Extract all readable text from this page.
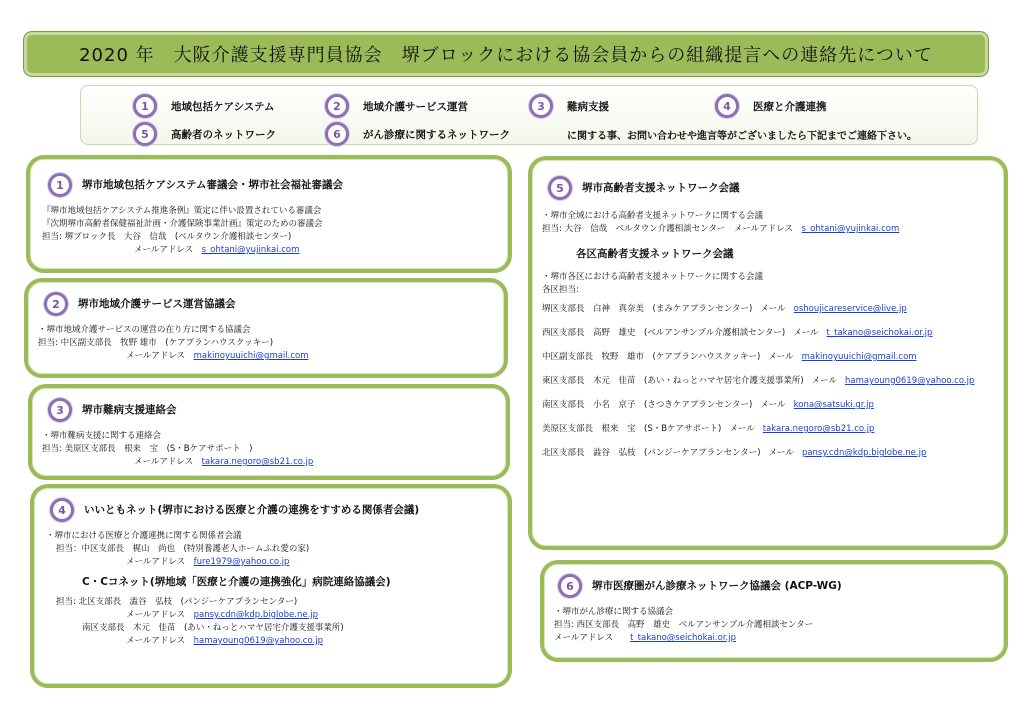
2020 年　大阪介護支援専門員協会　堺ブロックにおける協会員からの組織提言への連絡先について
1	地域包括ケアシステム	2	地域介護サービス運営	3	難病支援	4	医療と介護連携
5	高齢者のネットワーク	6	がん診療に関するネットワーク	に関する事、お問い合わせや進言等がございましたら下記までご連絡下さい。
1	堺市地域包括ケアシステム審議会・堺市社会福祉審議会
『堺市地域包括ケアシステム推進条例』策定に伴い設置されている審議会
『次期堺市高齢者保健福祉計画・介護保険事業計画』策定のための審議会
担当: 堺ブロック長　大谷　信哉　(ベルタウン介護相談センター)
メールアドレス　 s_ohtani@yujinkai.com
2	堺市地域介護サービス運営協議会
・堺市地域介護サービスの運営の在り方に関する協議会
担当: 中区副支部長　牧野 雄市　(ケアプランハウスクッキー)
メールアドレス　 makinoyuuichi@gmail.com
3	堺市難病支援連絡会
・堺市難病支援に関する連絡会
担当: 美原区支部長　根来　宝　(S・Bケアサポート　)
メールアドレス　 takara.negoro@sb21.co.jp
4	いいともネット(堺市における医療と介護の連携をすすめる関係者会議)
・堺市における医療と介護連携に関する関係者会議
担当：中区支部長　梶山　尚也　(特別養護老人ホームふれ愛の家)
メールアドレス　 fure1979@yahoo.co.jp
C・Cコネット(堺地域「医療と介護の連携強化」病院連絡協議会)
担当: 北区支部長　澁谷　弘枝　(パンジーケアプランセンター)
メールアドレス　 pansy.cdn@kdp.biglobe.ne.jp
南区支部長　木元　佳苗　(あい・ねっとハマヤ居宅介護支援事業所)
メールアドレス　 hamayoung0619@yahoo.co.jp
5	堺市高齢者支援ネットワーク会議
・堺市全域における高齢者支援ネットワークに関する会議
担当: 大谷　信哉　ベルタウン介護相談センター　メールアドレス　 s_ohtani@yujinkai.com
各区高齢者支援ネットワーク会議
・堺市各区における高齢者支援ネットワークに関する会議
各区担当:
堺区支部長　白神　真奈美　(まみケアプランセンター) メール oshoujicareservice@live.jp
西区支部長　高野　雄史　(ベルアンサンブル介護相談センター) メール t_takano@seichokai.or.jp
中区副支部長　牧野　雄市　(ケアプランハウスクッキー) メール makinoyuuichi@gmail.com
東区支部長　木元　佳苗　(あい・ねっとハマヤ居宅介護支援事業所) メール hamayoung0619@yahoo.co.jp
南区支部長　小名　京子　(さつきケアプランセンター) メール kona@satsuki.gr.jp
美原区支部長　根来　宝　(S・Bケアサポート) メール takara.negoro@sb21.co.jp
北区支部長　澁谷　弘枝　(パンジーケアプランセンター) メール pansy.cdn@kdp.biglobe.ne.jp
6	堺市医療圏がん診療ネットワーク協議会 (ACP-WG)
・堺市がん診療に関する協議会
担当: 西区支部長　高野　雄史　ベルアンサンブル介護相談センター
メールアドレス　　 t_takano@seichokai.or.jp
